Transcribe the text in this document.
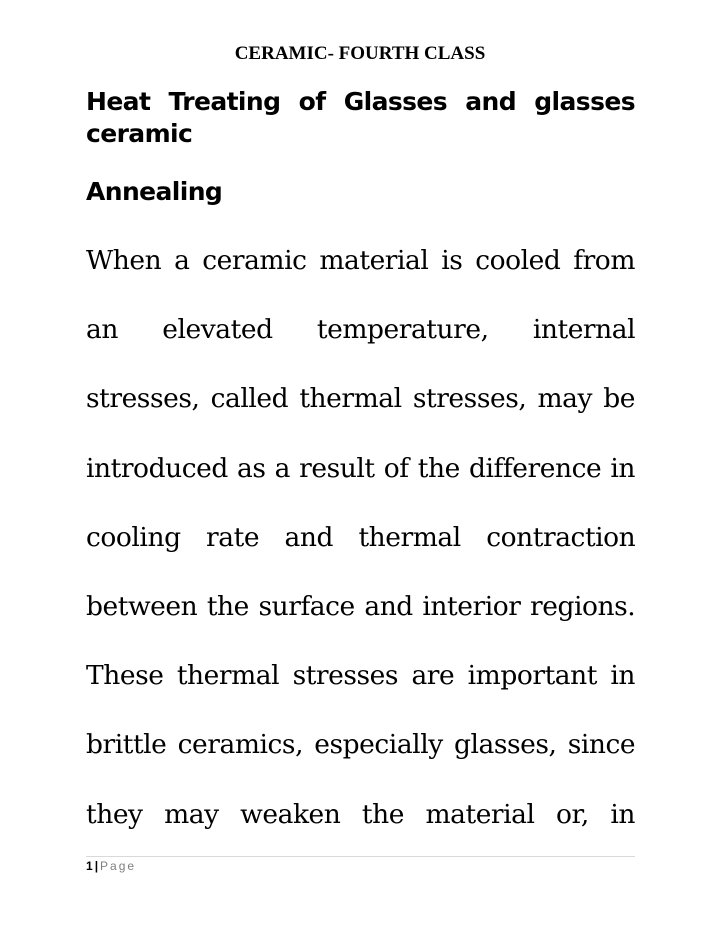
CERAMIC- FOURTH CLASS
Heat Treating of Glasses and glasses ceramic
Annealing
When a ceramic material is cooled from
an elevated temperature, internal
stresses, called thermal stresses, may be
introduced as a result of the difference in
cooling rate and thermal contraction
between the surface and interior regions.
These thermal stresses are important in
brittle ceramics, especially glasses, since
they may weaken the material or, in
1 | Page
